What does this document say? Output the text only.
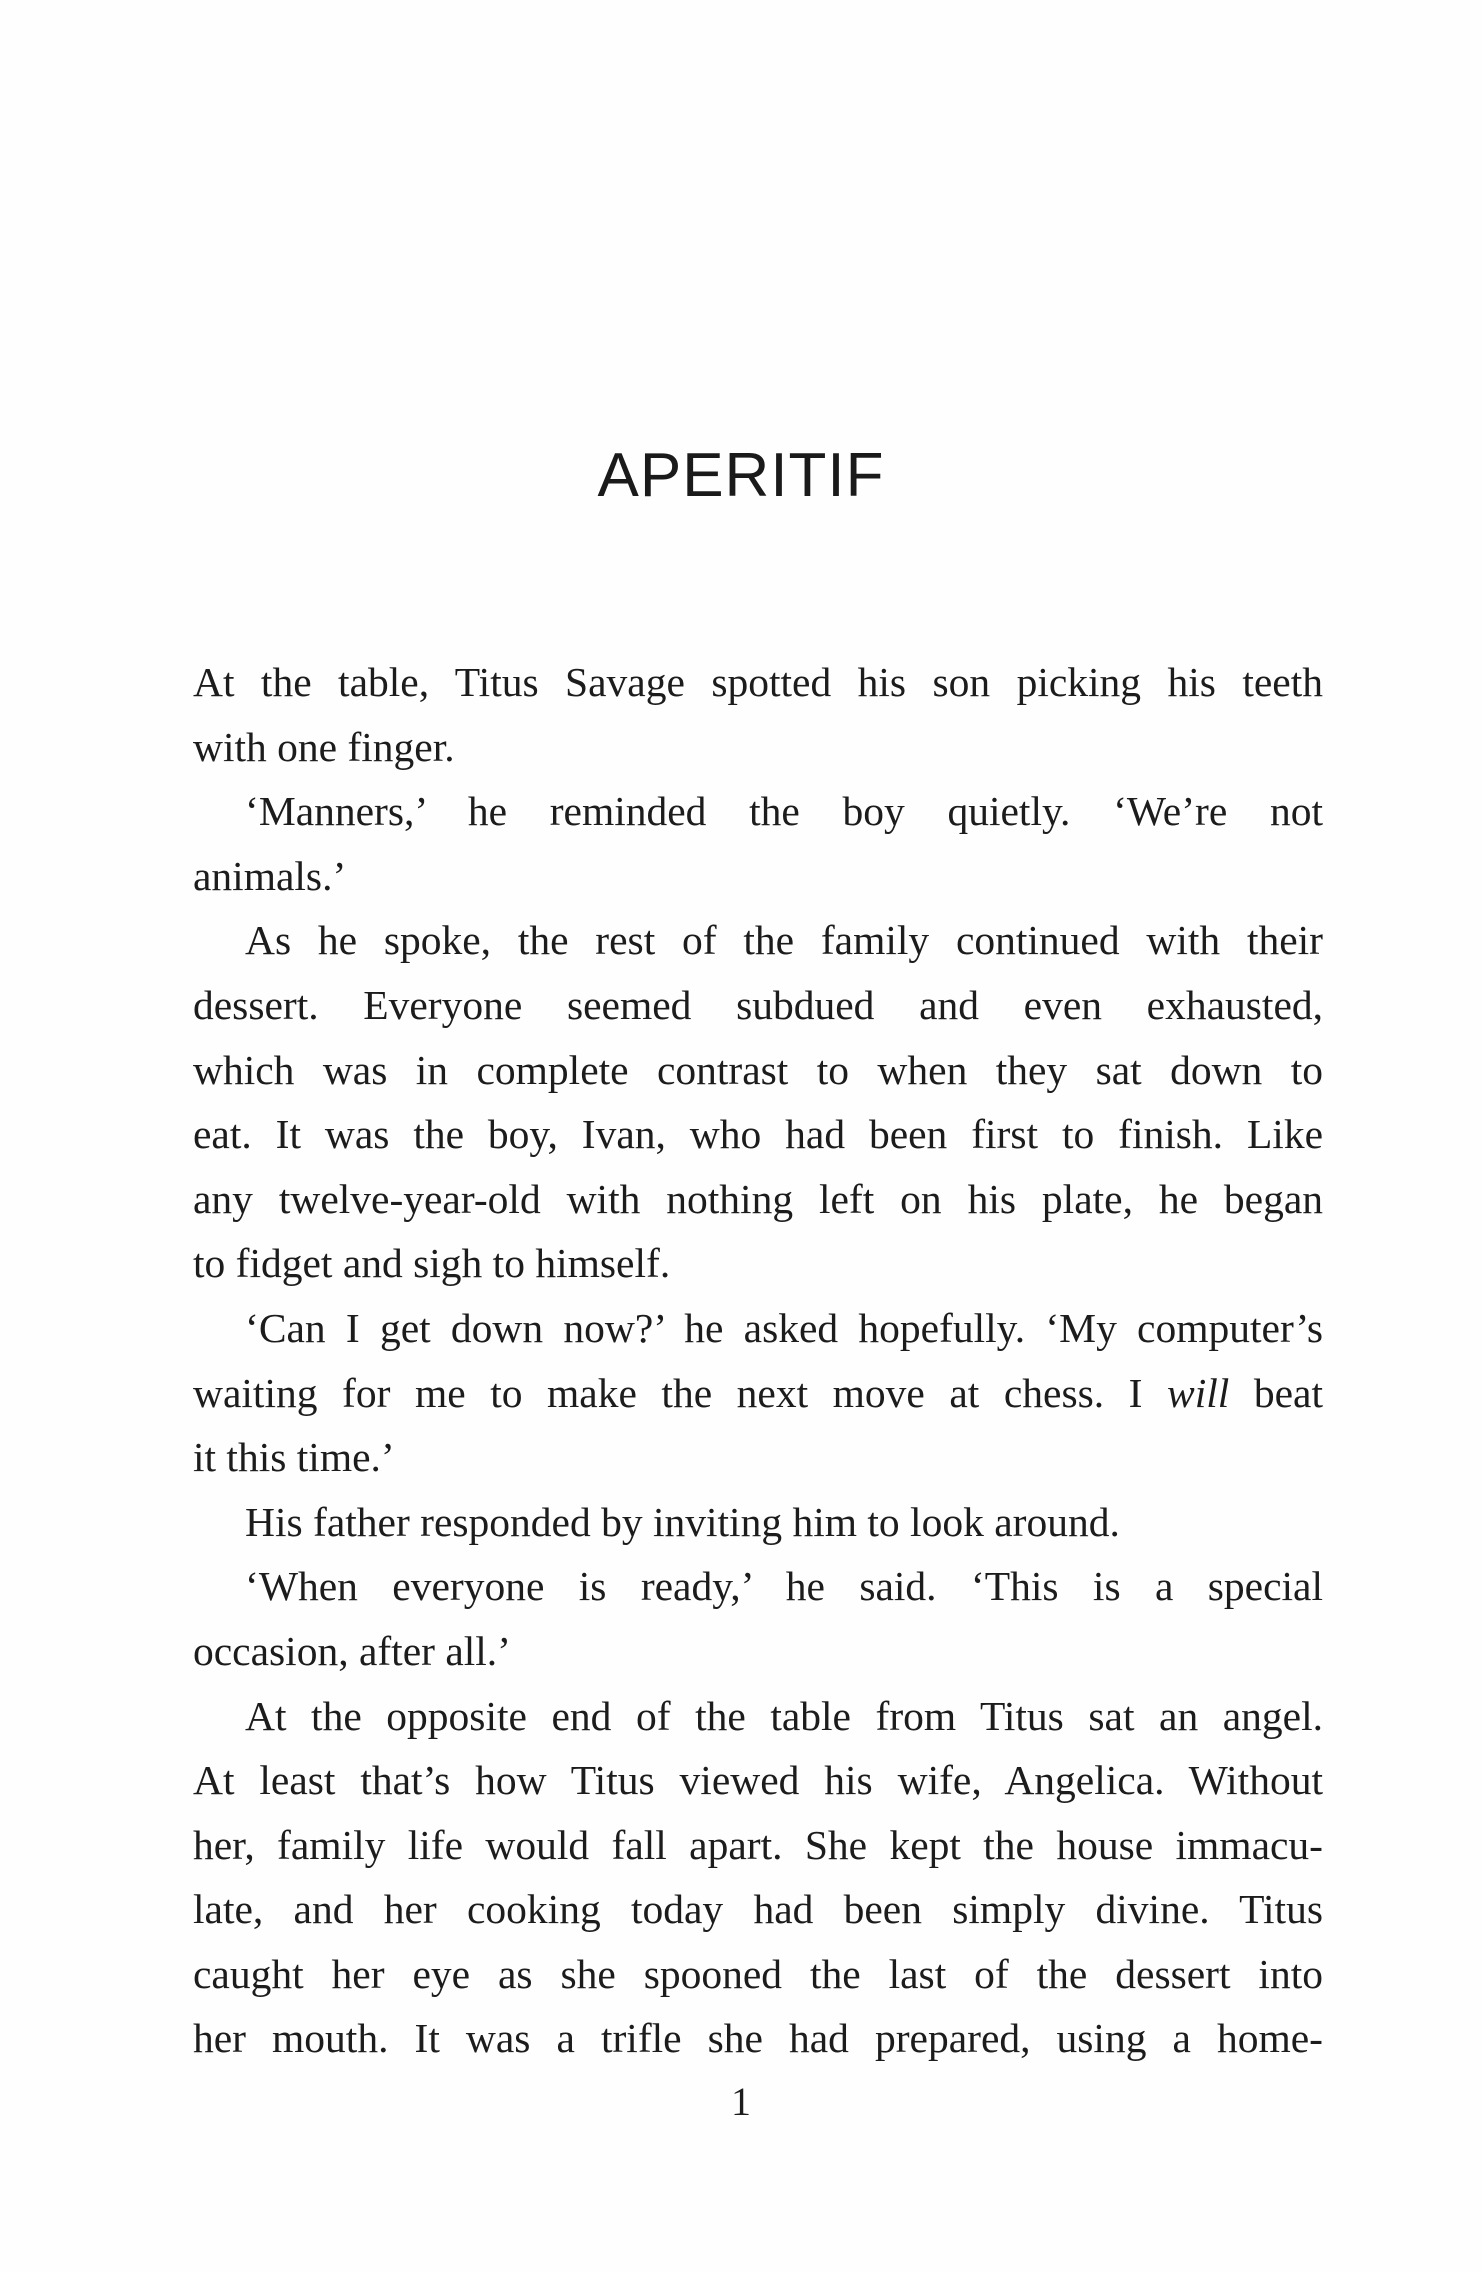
APERITIF
At the table, Titus Savage spotted his son picking his teeth
with one finger.
‘Manners,’ he reminded the boy quietly. ‘We’re not
animals.’
As he spoke, the rest of the family continued with their
dessert. Everyone seemed subdued and even exhausted,
which was in complete contrast to when they sat down to
eat. It was the boy, Ivan, who had been first to finish. Like
any twelve-year-old with nothing left on his plate, he began
to fidget and sigh to himself.
‘Can I get down now?’ he asked hopefully. ‘My computer’s
waiting for me to make the next move at chess. I will beat
it this time.’
His father responded by inviting him to look around.
‘When everyone is ready,’ he said. ‘This is a special
occasion, after all.’
At the opposite end of the table from Titus sat an angel.
At least that’s how Titus viewed his wife, Angelica. Without
her, family life would fall apart. She kept the house immacu-
late, and her cooking today had been simply divine. Titus
caught her eye as she spooned the last of the dessert into
her mouth. It was a trifle she had prepared, using a home-
1
